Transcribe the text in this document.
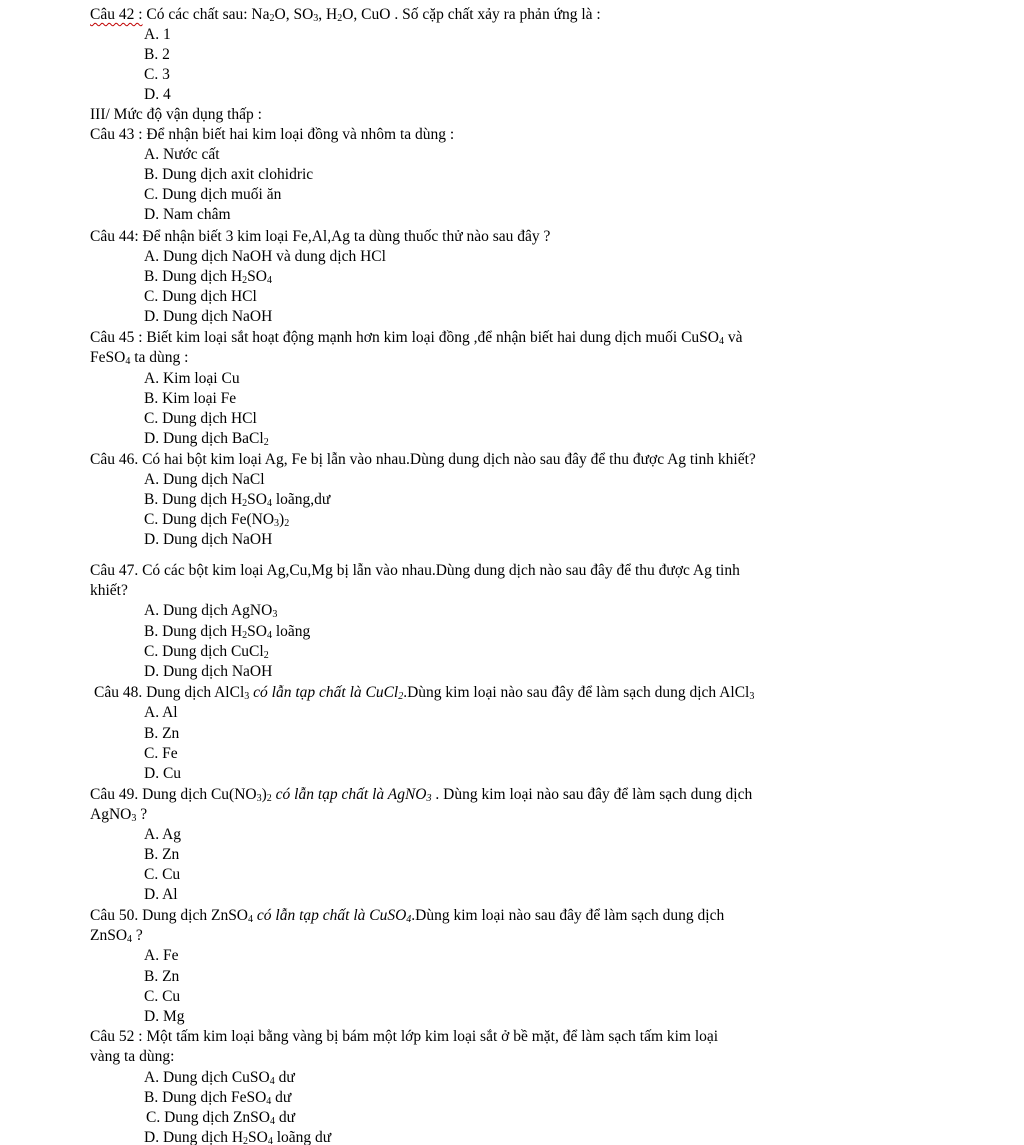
Câu 42 : Có các chất sau: $Na_2O$, $SO_3$, $H_2O$, CuO . Số cặp chất xảy ra phản ứng là :
A. 1
B. 2
C. 3
D. 4
III/ Mức độ vận dụng thấp :
Câu 43 : Để nhận biết hai kim loại đồng và nhôm ta dùng :
A. Nước cất
B. Dung dịch axit clohidric
C. Dung dịch muối ăn
D. Nam châm
Câu 44: Để nhận biết 3 kim loại Fe,Al,Ag ta dùng thuốc thử nào sau đây ?
A. Dung dịch NaOH và dung dịch HCl
B. Dung dịch $H_2SO_4$
C. Dung dịch HCl
D. Dung dịch NaOH
Câu 45 : Biết kim loại sắt hoạt động mạnh hơn kim loại đồng ,để nhận biết hai dung dịch muối CuSO$_4$ và
FeSO$_4$ ta dùng :
A. Kim loại Cu
B. Kim loại Fe
C. Dung dịch HCl
D. Dung dịch BaCl$_2$
Câu 46. Có hai bột kim loại Ag, Fe bị lẫn vào nhau.Dùng dung dịch nào sau đây để thu được Ag tinh khiết?
A. Dung dịch NaCl
B. Dung dịch $H_2SO_4$ loãng,dư
C. Dung dịch $Fe(NO_3)_2$
D. Dung dịch NaOH
Câu 47. Có các bột kim loại Ag,Cu,Mg bị lẫn vào nhau.Dùng dung dịch nào sau đây để thu được Ag tinh
khiết?
A. Dung dịch AgNO$_3$
B. Dung dịch $H_2SO_4$ loãng
C. Dung dịch CuCl$_2$
D. Dung dịch NaOH
Câu 48. Dung dịch AlCl$_3$ có lẫn tạp chất là CuCl$_2$.Dùng kim loại nào sau đây để làm sạch dung dịch AlCl$_3$
A. Al
B. Zn
C. Fe
D. Cu
Câu 49. Dung dịch $Cu(NO_3)_2$ có lẫn tạp chất là AgNO$_3$ . Dùng kim loại nào sau đây để làm sạch dung dịch
AgNO$_3$ ?
A. Ag
B. Zn
C. Cu
D. Al
Câu 50. Dung dịch ZnSO$_4$ có lẫn tạp chất là CuSO$_4$.Dùng kim loại nào sau đây để làm sạch dung dịch
ZnSO$_4$ ?
A. Fe
B. Zn
C. Cu
D. Mg
Câu 52 : Một tấm kim loại bằng vàng bị bám một lớp kim loại sắt ở bề mặt, để làm sạch tấm kim loại
vàng ta dùng:
A. Dung dịch CuSO$_4$ dư
B. Dung dịch FeSO$_4$ dư
C. Dung dịch ZnSO$_4$ dư
D. Dung dịch $H_2SO_4$ loãng dư
